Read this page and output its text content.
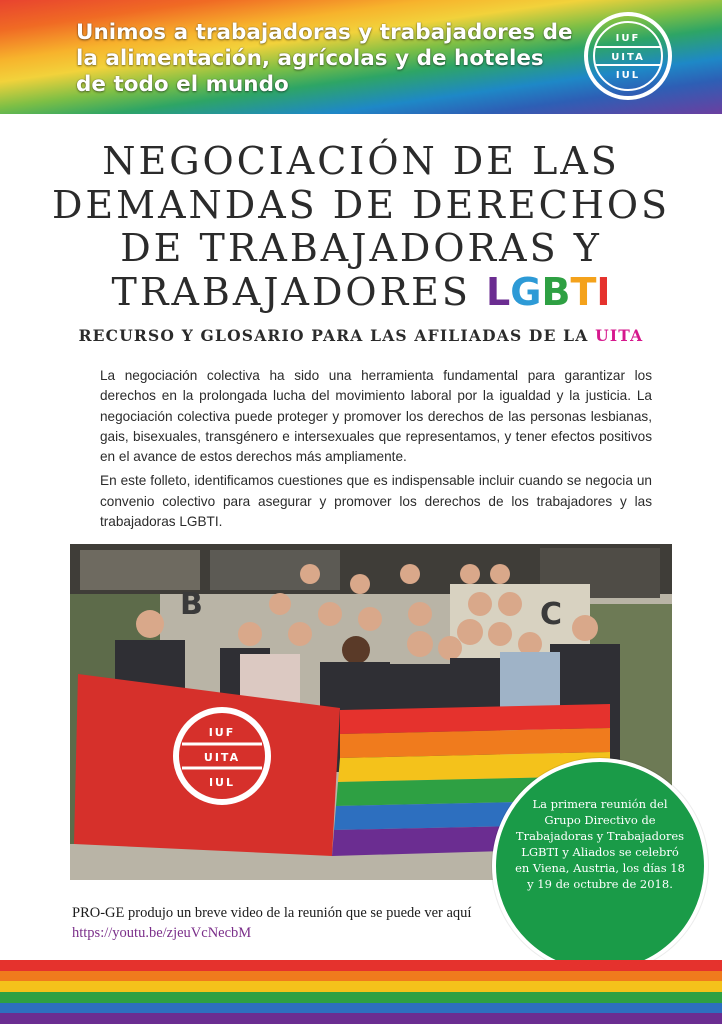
Unimos a trabajadoras y trabajadores de la alimentación, agrícolas y de hoteles de todo el mundo
IUF
UITA
IUL
NEGOCIACIÓN DE LAS
DEMANDAS DE DERECHOS
DE TRABAJADORAS Y
TRABAJADORES LGBTI
RECURSO Y GLOSARIO PARA LAS AFILIADAS DE LA UITA

La negociación colectiva ha sido una herramienta fundamental para garantizar los derechos en la prolongada lucha del movimiento laboral por la igualdad y la justicia. La negociación colectiva puede proteger y promover los derechos de las personas lesbianas, gais, bisexuales, transgénero e intersexuales que representamos, y tener efectos positivos en el avance de estos derechos más ampliamente.

En este folleto, identificamos cuestiones que es indispensable incluir cuando se negocia un convenio colectivo para asegurar y promover los derechos de los trabajadores y las trabajadoras LGBTI.

B	C
IUF
UITA
IUL
La primera reunión del Grupo Directivo de Trabajadoras y Trabajadores LGBTI y Aliados se celebró en Viena, Austria, los días 18 y 19 de octubre de 2018.
PRO-GE produjo un breve video de la reunión que se puede ver aquí https://youtu.be/zjeuVcNecbM
